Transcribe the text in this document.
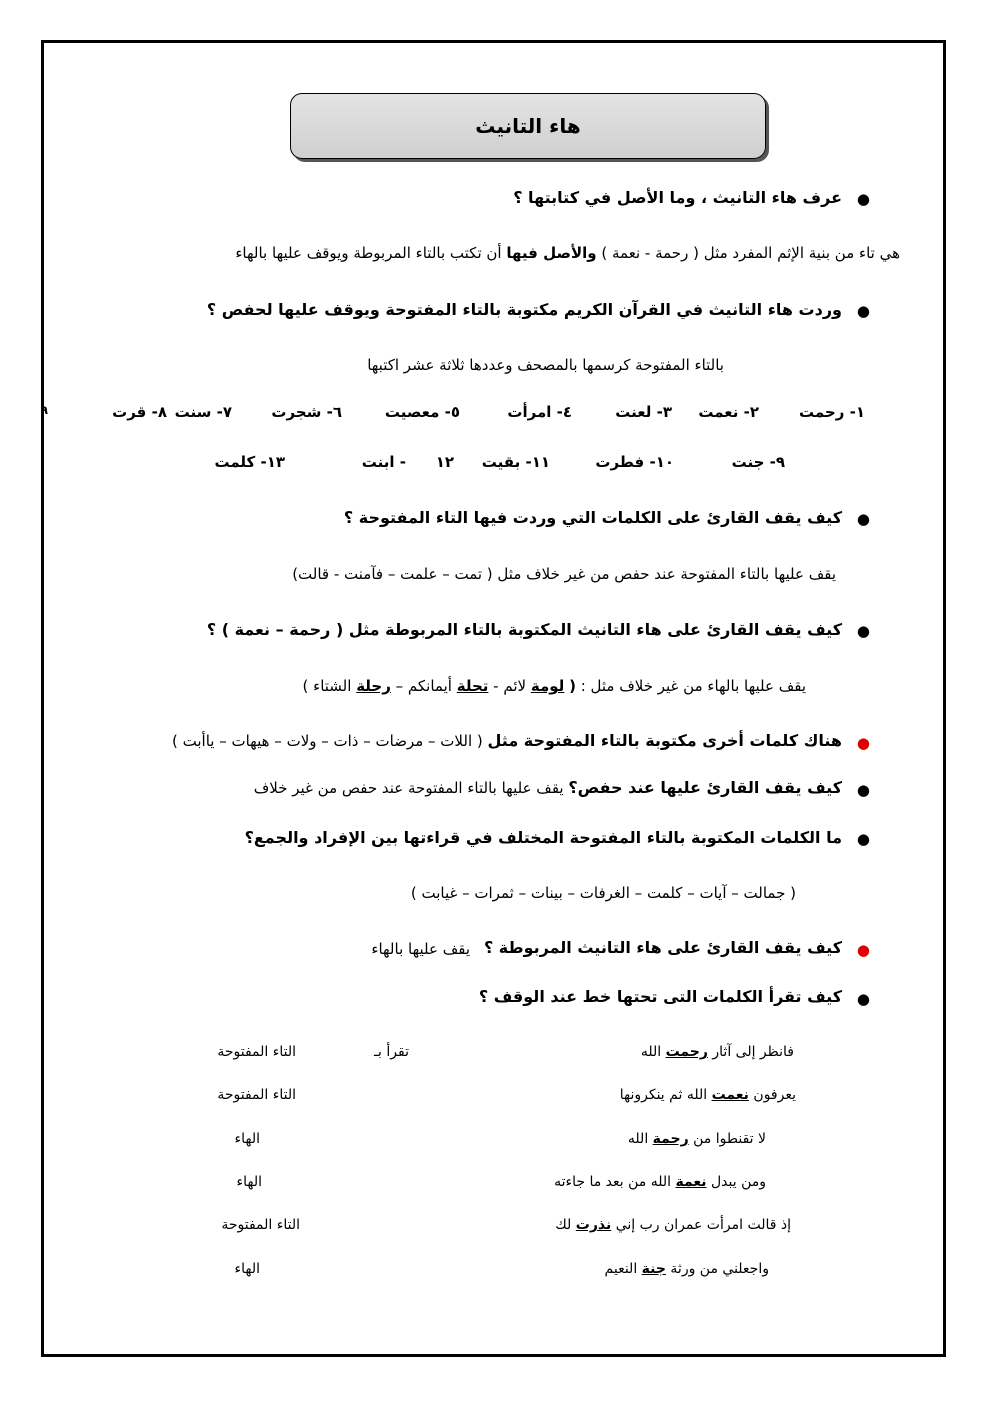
هاء التانيث
●
عرف هاء التانيث ، وما الأصل في كتابتها ؟
هي تاء من بنية الإثم المفرد مثل ( رحمة - نعمة ) والأصل فيها أن تكتب بالتاء المربوطة ويوقف عليها بالهاء
●
وردت هاء التانيث في القرآن الكريم مكتوبة بالتاء المفتوحة ويوقف عليها لحفص ؟
بالتاء المفتوحة كرسمها بالمصحف وعددها ثلاثة عشر اكتبها
١- رحمت
٢- نعمت
٣- لعنت
٤- امرأت
٥- معصيت
٦- شجرت
٧- سنت
٨- قرت
٩
٩- جنت
١٠- فطرت
١١- بقيت
١٢
- ابنت
١٣- كلمت
●
كيف يقف القارئ على الكلمات التي وردت فيها التاء المفتوحة ؟
يقف عليها بالتاء المفتوحة عند حفص من غير خلاف مثل ( تمت – علمت – فآمنت - قالت)
●
كيف يقف القارئ على هاء التانيث المكتوبة بالتاء المربوطة مثل ( رحمة – نعمة ) ؟
يقف عليها بالهاء من غير خلاف مثل : ( لومة لائم - تحلة أيمانكم – رحلة الشتاء )
●
هناك كلمات أخرى مكتوبة بالتاء المفتوحة مثل ( اللات – مرضات – ذات – ولات – هيهات – ياأبت )
●
كيف يقف القارئ عليها عند حفص؟ يقف عليها بالتاء المفتوحة عند حفص من غير خلاف
●
ما الكلمات المكتوبة بالتاء المفتوحة المختلف في قراءتها بين الإفراد والجمع؟
( جمالت – آيات – كلمت – الغرفات – بينات – ثمرات – غيابت )
●
كيف يقف القارئ على هاء التانيث المربوطة ؟
يقف عليها بالهاء
●
كيف تقرأ الكلمات التى تحتها خط عند الوقف ؟
تقرأ بـ	فانظر إلى آثار رحمت الله
التاء المفتوحة
يعرفون نعمت الله ثم ينكرونها
التاء المفتوحة
لا تقنطوا من رحمة الله
الهاء
ومن يبدل نعمة الله من بعد ما جاءته
الهاء
إذ قالت امرأت عمران رب إني نذرت لك
التاء المفتوحة
واجعلني من ورثة جنة النعيم
الهاء
